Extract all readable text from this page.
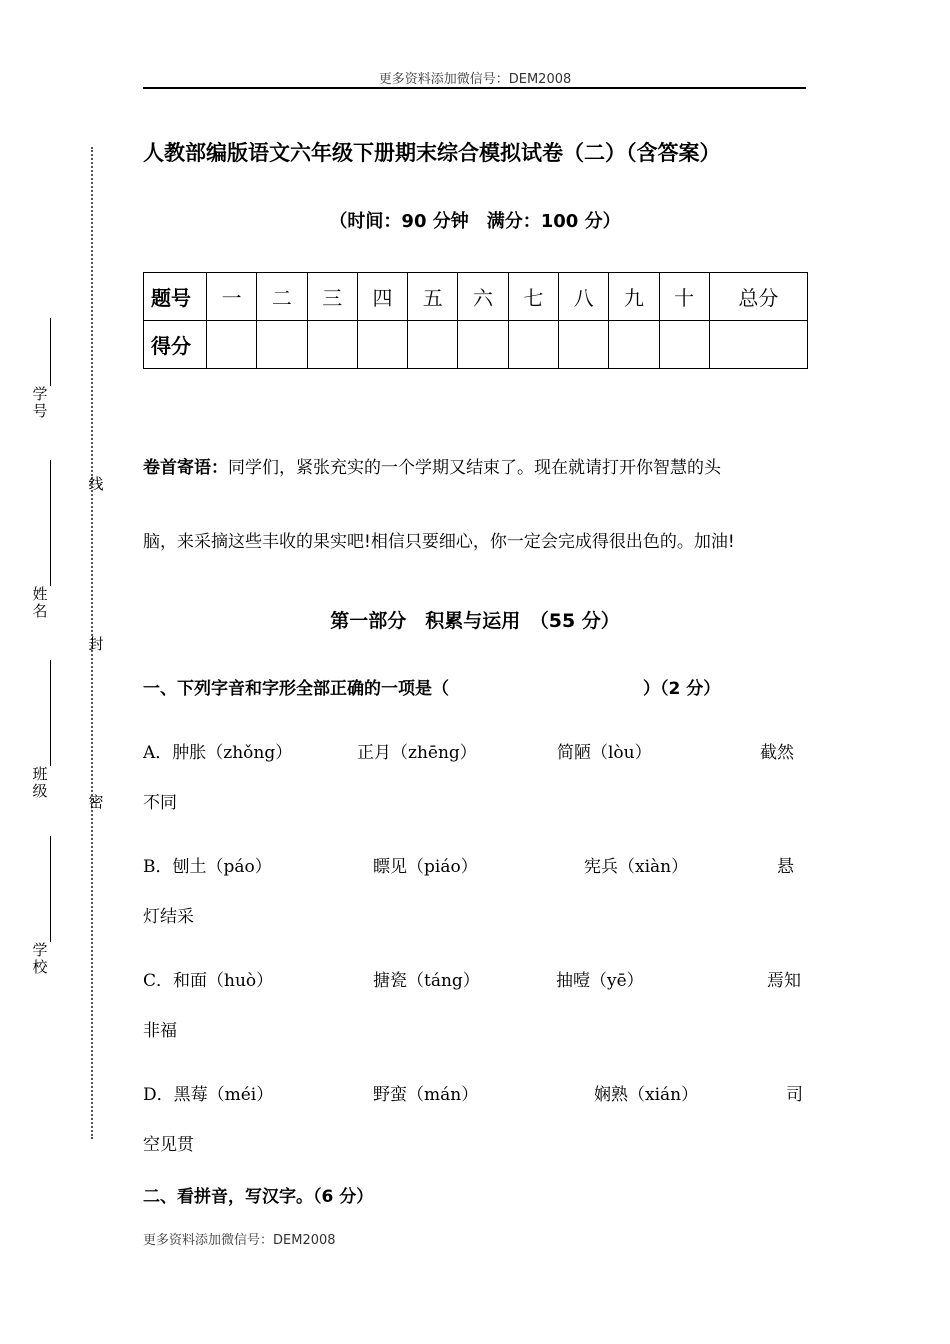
学号
姓名
班级
学校
线
封
密
更多资料添加微信号：DEM2008
人教部编版语文六年级下册期末综合模拟试卷（二）（含答案）
（时间：90 分钟　满分：100 分）
题号	一	二	三	四	五	六	七	八	九	十	总分
得分											
卷首寄语：同学们，紧张充实的一个学期又结束了。现在就请打开你智慧的头
脑，来采摘这些丰收的果实吧!相信只要细心，你一定会完成得很出色的。加油!
第一部分　积累与运用　（55 分）
一、下列字音和字形全部正确的一项是（	）（2 分）
A．肿胀（zhǒng）	正月（zhēng）	简陋（lòu）	截然
不同
B．刨土（páo）	瞟见（piáo）	宪兵（xiàn）	悬
灯结采
C．和面（huò）	搪瓷（táng）	抽噎（yē）	焉知
非福
D．黑莓（méi）	野蛮（mán）	娴熟（xián）	司
空见贯
二、看拼音，写汉字。（6 分）
更多资料添加微信号：DEM2008
